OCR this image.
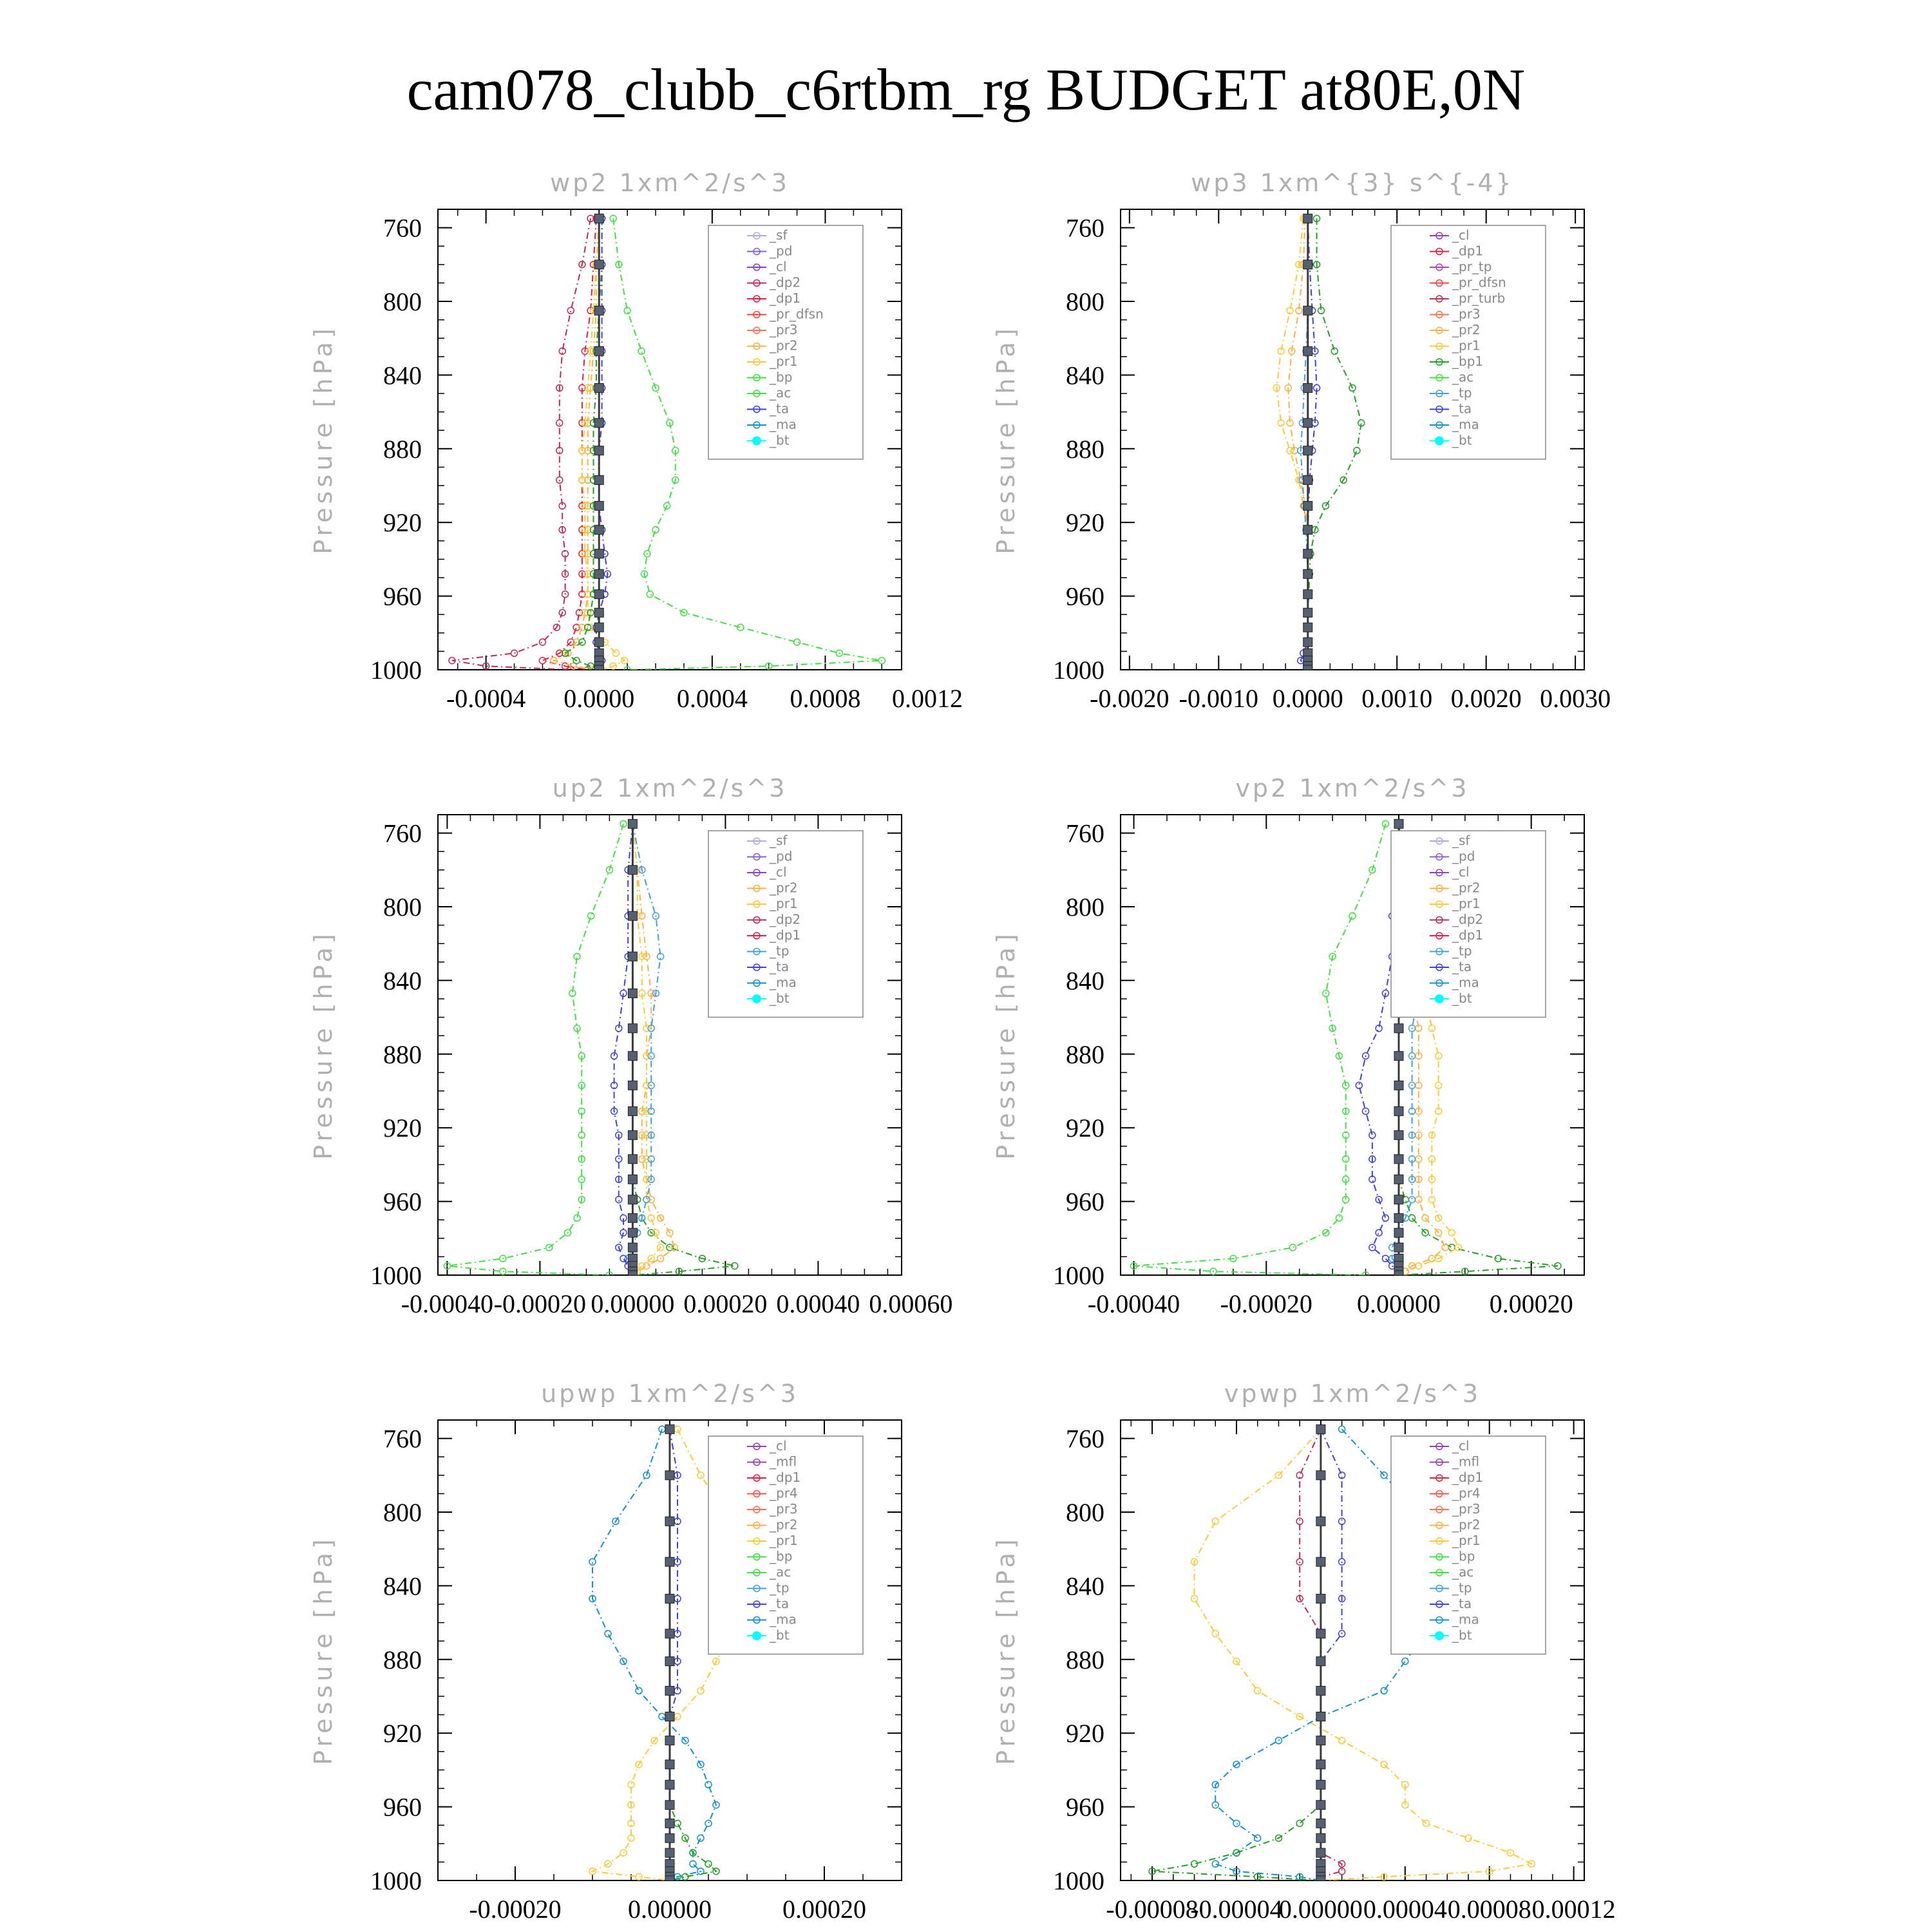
cam078_clubb_c6rtbm_rg BUDGET at80E,0N
wp2 1xm^2/s^3
Pressure [hPa]
760
800
840
880
920
960
1000
-0.0004 0.0000 0.0004 0.0008 0.0012
_sf
_pd
_cl
_dp2
_dp1
_pr_dfsn
_pr3
_pr2
_pr1
_bp
_ac
_ta
_ma
_bt
wp3 1xm^{3} s^{-4}
Pressure [hPa]
760
800
840
880
920
960
1000
-0.0020 -0.0010 0.0000 0.0010 0.0020 0.0030
_cl
_dp1
_pr_tp
_pr_dfsn
_pr_turb
_pr3
_pr2
_pr1
_bp1
_ac
_tp
_ta
_ma
_bt
up2 1xm^2/s^3
Pressure [hPa]
760
800
840
880
920
960
1000
-0.00040 -0.00020 0.00000 0.00020 0.00040 0.00060
_sf
_pd
_cl
_pr2
_pr1
_dp2
_dp1
_tp
_ta
_ma
_bt
vp2 1xm^2/s^3
Pressure [hPa]
760
800
840
880
920
960
1000
-0.00040 -0.00020 0.00000 0.00020
_sf
_pd
_cl
_pr2
_pr1
_dp2
_dp1
_tp
_ta
_ma
_bt
upwp 1xm^2/s^3
Pressure [hPa]
760
800
840
880
920
960
1000
-0.00020	0.00000	0.00020
_cl
_mfl
_dp1
_pr4
_pr3
_pr2
_pr1
_bp
_ac
_tp
_ta
_ma
_bt
vpwp 1xm^2/s^3
Pressure [hPa]
760
800
840
880
920
960
1000
-0.00008
-0.00004
0.00000 0.00004 0.00008 0.00012
_cl
_mfl
_dp1
_pr4
_pr3
_pr2
_pr1
_bp
_ac
_tp
_ta
_ma
_bt
